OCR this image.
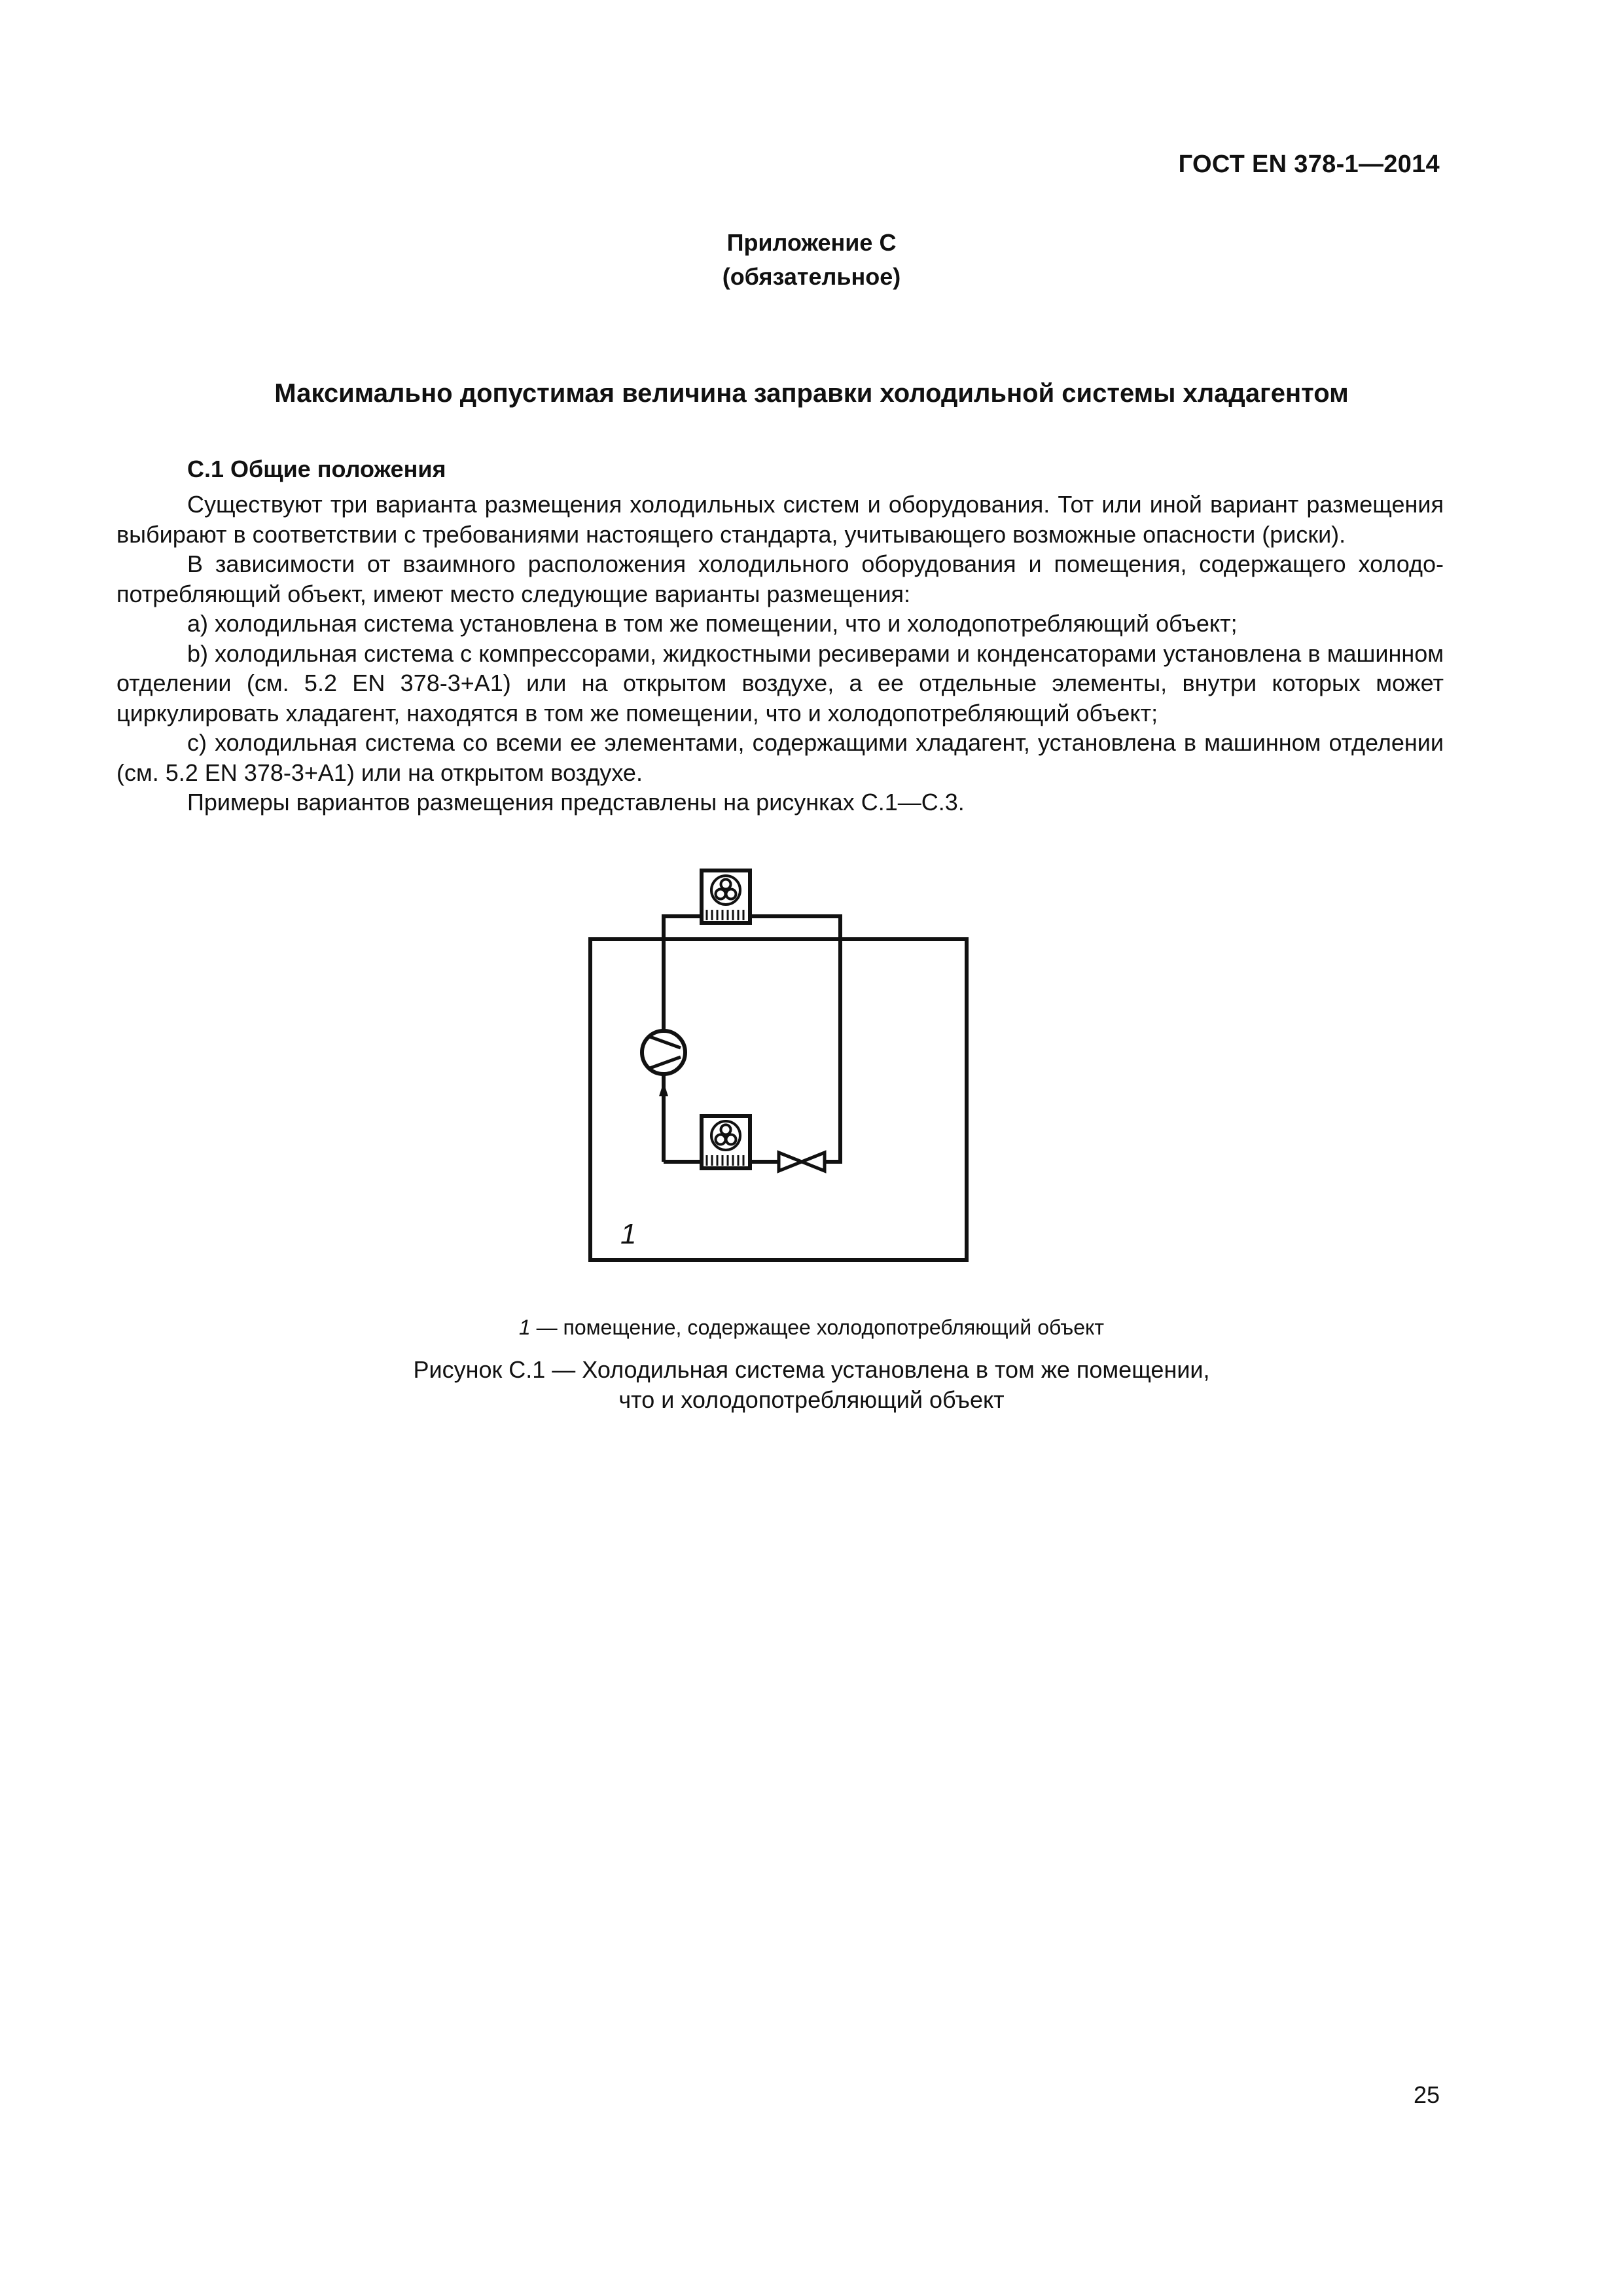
ГОСТ EN 378-1—2014
Приложение С
(обязательное)
Максимально допустимая величина заправки холодильной системы хладагентом
С.1 Общие положения

Существуют три варианта размещения холодильных систем и оборудования. Тот или иной вариант размещения выбирают в соответствии с требованиями настоящего стандарта, учитывающего возможные опасности (риски).

В зависимости от взаимного расположения холодильного оборудования и помещения, содержащего холодопотребляющий объект, имеют место следующие варианты размещения:

a) холодильная система установлена в том же помещении, что и холодопотребляющий объект;

b) холодильная система с компрессорами, жидкостными ресиверами и конденсаторами установлена в машинном отделении (см. 5.2 EN 378-3+A1) или на открытом воздухе, а ее отдельные элементы, внутри которых может циркулировать хладагент, находятся в том же помещении, что и холодопотребляющий объект;

c) холодильная система со всеми ее элементами, содержащими хладагент, установлена в машинном отделении (см. 5.2 EN 378-3+A1) или на открытом воздухе.

Примеры вариантов размещения представлены на рисунках С.1—С.3.

1
1 — помещение, содержащее холодопотребляющий объект
Рисунок С.1 — Холодильная система установлена в том же помещении,
что и холодопотребляющий объект
25
